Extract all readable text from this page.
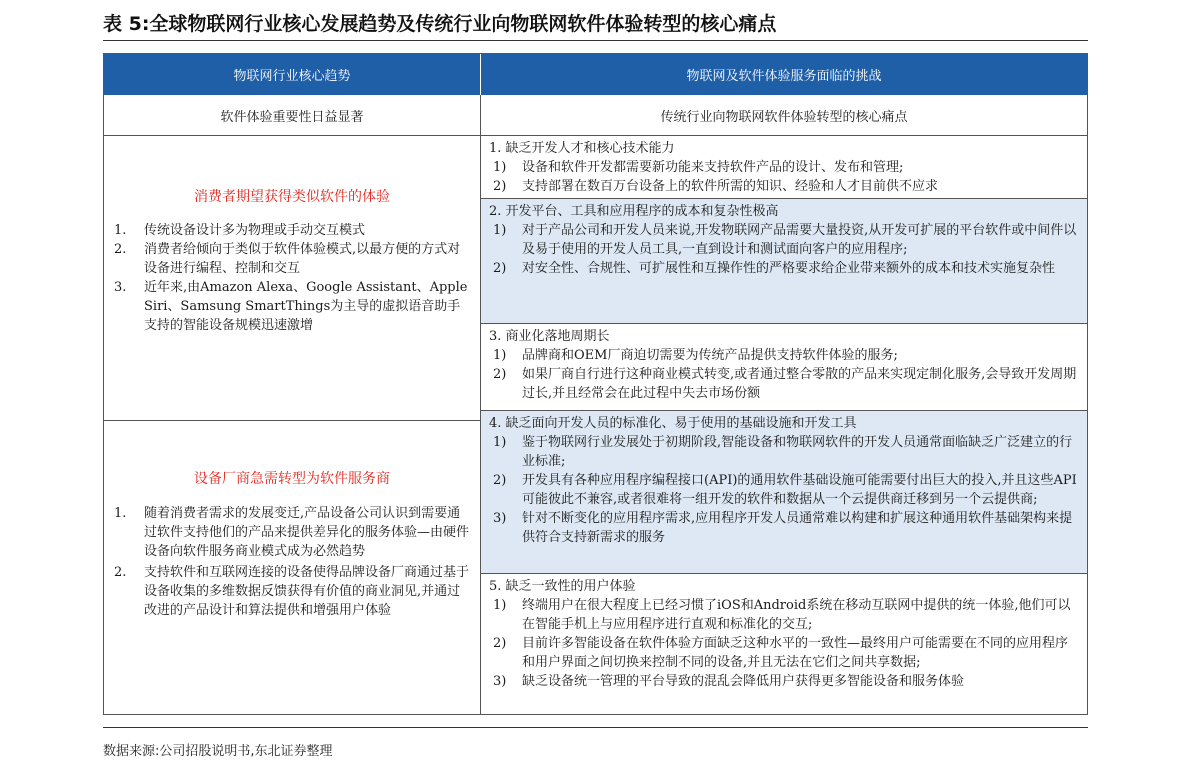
表 5:全球物联网行业核心发展趋势及传统行业向物联网软件体验转型的核心痛点
物联网行业核心趋势	物联网及软件体验服务面临的挑战
软件体验重要性日益显著	传统行业向物联网软件体验转型的核心痛点
消费者期望获得类似软件的体验
1. 传统设备设计多为物理或手动交互模式
2. 消费者给倾向于类似于软件体验模式,以最方便的方式对设备进行编程、控制和交互
3. 近年来,由Amazon Alexa、Google Assistant、Apple Siri、Samsung SmartThings为主导的虚拟语音助手支持的智能设备规模迅速激增
设备厂商急需转型为软件服务商
1. 随着消费者需求的发展变迁,产品设备公司认识到需要通过软件支持他们的产品来提供差异化的服务体验—由硬件设备向软件服务商业模式成为必然趋势
2. 支持软件和互联网连接的设备使得品牌设备厂商通过基于设备收集的多维数据反馈获得有价值的商业洞见,并通过改进的产品设计和算法提供和增强用户体验
1. 缺乏开发人才和核心技术能力
1) 设备和软件开发都需要新功能来支持软件产品的设计、发布和管理;
2) 支持部署在数百万台设备上的软件所需的知识、经验和人才目前供不应求
2. 开发平台、工具和应用程序的成本和复杂性极高
1) 对于产品公司和开发人员来说,开发物联网产品需要大量投资,从开发可扩展的平台软件或中间件以及易于使用的开发人员工具,一直到设计和测试面向客户的应用程序;
2) 对安全性、合规性、可扩展性和互操作性的严格要求给企业带来额外的成本和技术实施复杂性
3. 商业化落地周期长
1) 品牌商和OEM厂商迫切需要为传统产品提供支持软件体验的服务;
2) 如果厂商自行进行这种商业模式转变,或者通过整合零散的产品来实现定制化服务,会导致开发周期过长,并且经常会在此过程中失去市场份额
4. 缺乏面向开发人员的标准化、易于使用的基础设施和开发工具
1) 鉴于物联网行业发展处于初期阶段,智能设备和物联网软件的开发人员通常面临缺乏广泛建立的行业标准;
2) 开发具有各种应用程序编程接口(API)的通用软件基础设施可能需要付出巨大的投入,并且这些API可能彼此不兼容,或者很难将一组开发的软件和数据从一个云提供商迁移到另一个云提供商;
3) 针对不断变化的应用程序需求,应用程序开发人员通常难以构建和扩展这种通用软件基础架构来提供符合支持新需求的服务
5. 缺乏一致性的用户体验
1) 终端用户在很大程度上已经习惯了iOS和Android系统在移动互联网中提供的统一体验,他们可以在智能手机上与应用程序进行直观和标准化的交互;
2) 目前许多智能设备在软件体验方面缺乏这种水平的一致性—最终用户可能需要在不同的应用程序和用户界面之间切换来控制不同的设备,并且无法在它们之间共享数据;
3) 缺乏设备统一管理的平台导致的混乱会降低用户获得更多智能设备和服务体验
数据来源:公司招股说明书,东北证券整理
